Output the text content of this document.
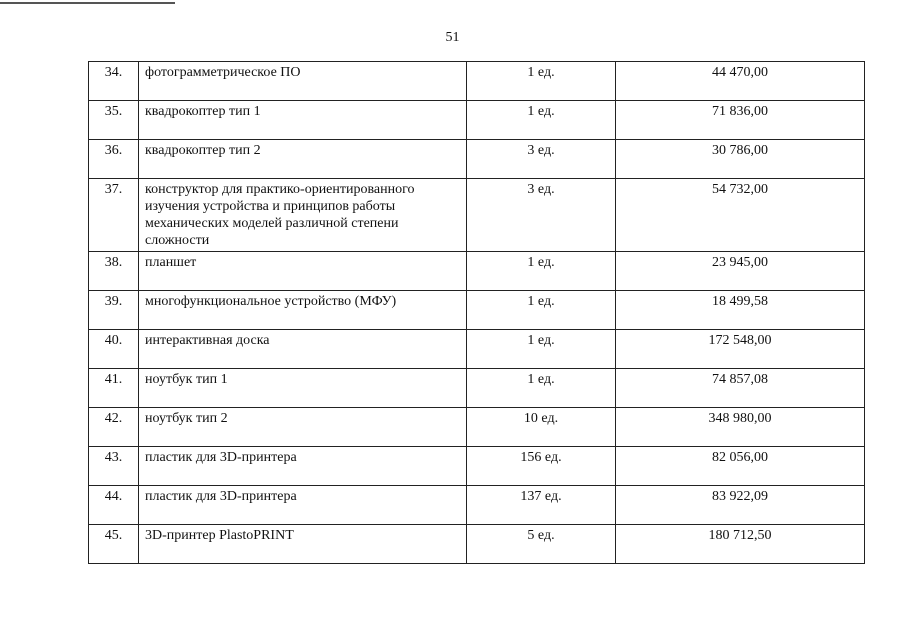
51
34.	фотограмметрическое ПО	1 ед.	44 470,00
35.	квадрокоптер тип 1	1 ед.	71 836,00
36.	квадрокоптер тип 2	3 ед.	30 786,00
37.	конструктор для практико-ориентированного изучения устройства и принципов работы механических моделей различной степени сложности	3 ед.	54 732,00
38.	планшет	1 ед.	23 945,00
39.	многофункциональное устройство (МФУ)	1 ед.	18 499,58
40.	интерактивная доска	1 ед.	172 548,00
41.	ноутбук тип 1	1 ед.	74 857,08
42.	ноутбук тип 2	10 ед.	348 980,00
43.	пластик для 3D-принтера	156 ед.	82 056,00
44.	пластик для 3D-принтера	137 ед.	83 922,09
45.	3D-принтер PlastoPRINT	5 ед.	180 712,50
